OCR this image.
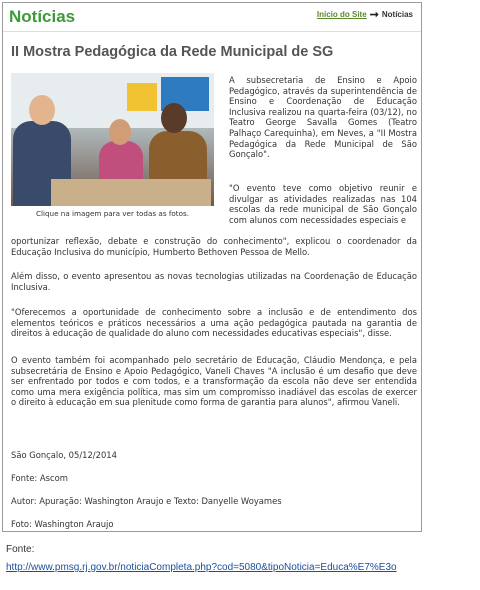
Notícias	Início do Site ➞ Notícias
II Mostra Pedagógica da Rede Municipal de SG
Clique na imagem para ver todas as fotos.

A subsecretaria de Ensino e Apoio Pedagógico, através da superintendência de Ensino e Coordenação de Educação Inclusiva realizou na quarta-feira (03/12), no Teatro George Savalla Gomes (Teatro Palhaço Carequinha), em Neves, a "II Mostra Pedagógica da Rede Municipal de São Gonçalo".

"O evento teve como objetivo reunir e divulgar as atividades realizadas nas 104 escolas da rede municipal de São Gonçalo com alunos com necessidades especiais e

oportunizar reflexão, debate e construção do conhecimento", explicou o coordenador da Educação Inclusiva do município, Humberto Bethoven Pessoa de Mello.

Além disso, o evento apresentou as novas tecnologias utilizadas na Coordenação de Educação Inclusiva.

"Oferecemos a oportunidade de conhecimento sobre a inclusão e de entendimento dos elementos teóricos e práticos necessários a uma ação pedagógica pautada na garantia de direitos à educação de qualidade do aluno com necessidades educativas especiais", disse.

O evento também foi acompanhado pelo secretário de Educação, Cláudio Mendonça, e pela subsecretária de Ensino e Apoio Pedagógico, Vaneli Chaves "A inclusão é um desafio que deve ser enfrentado por todos e com todos, e a transformação da escola não deve ser entendida como uma mera exigência política, mas sim um compromisso inadiável das escolas de exercer o direito à educação em sua plenitude como forma de garantia para alunos", afirmou Vaneli.

São Gonçalo, 05/12/2014
Fonte: Ascom
Autor: Apuração: Washington Araujo e Texto: Danyelle Woyames
Foto: Washington Araujo
Fonte:
http://www.pmsg.rj.gov.br/noticiaCompleta.php?cod=5080&tipoNoticia=Educa%E7%E3o
